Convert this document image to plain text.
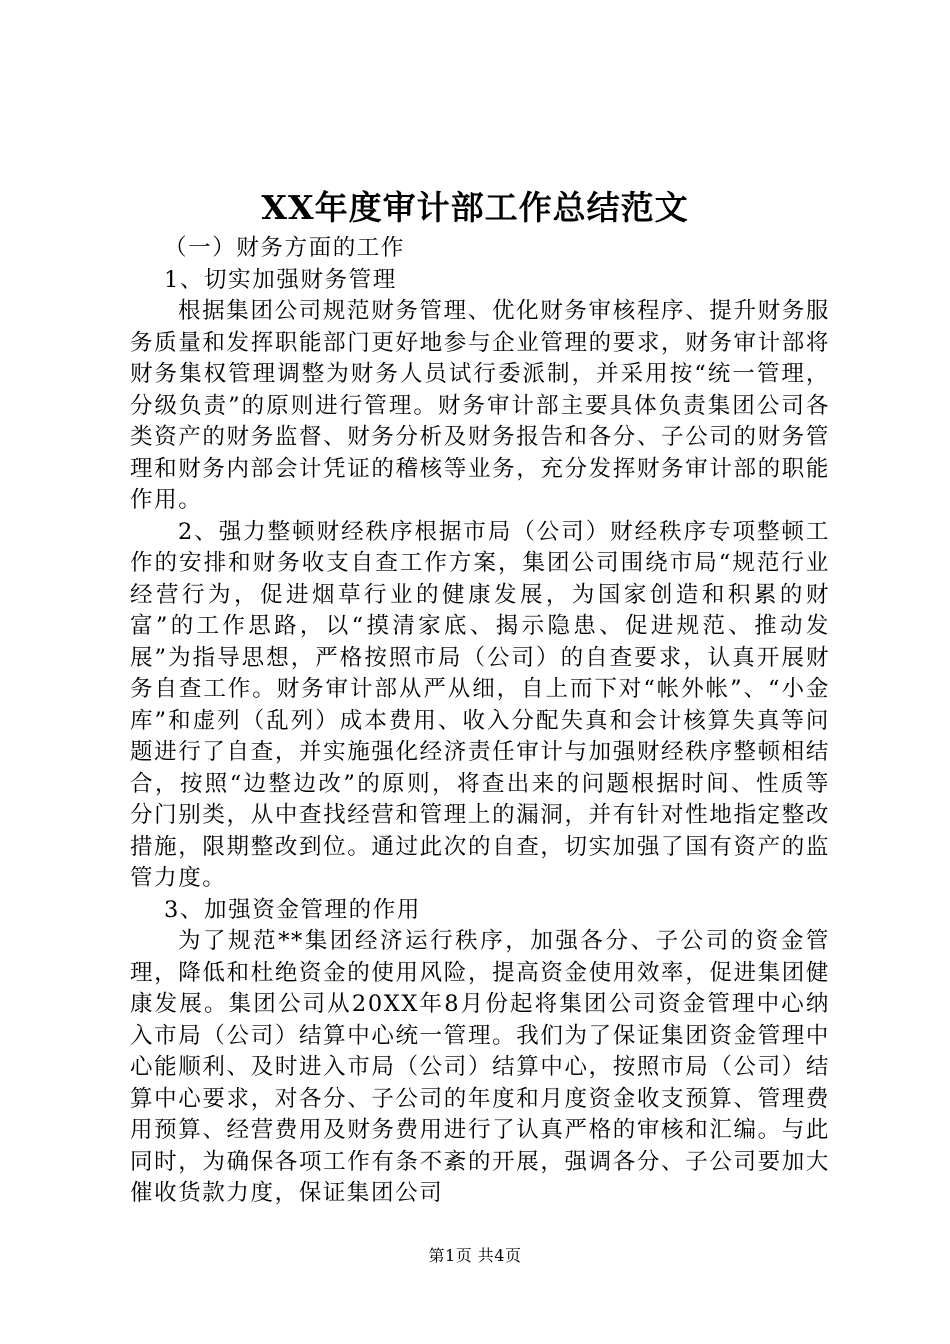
XX年度审计部工作总结范文

（一）财务方面的工作

1、切实加强财务管理

根据集团公司规范财务管理、优化财务审核程序、提升财务服务质量和发挥职能部门更好地参与企业管理的要求，财务审计部将财务集权管理调整为财务人员试行委派制，并采用按“统一管理，分级负责”的原则进行管理。财务审计部主要具体负责集团公司各类资产的财务监督、财务分析及财务报告和各分、子公司的财务管理和财务内部会计凭证的稽核等业务，充分发挥财务审计部的职能作用。

2、强力整顿财经秩序根据市局（公司）财经秩序专项整顿工作的安排和财务收支自查工作方案，集团公司围绕市局“规范行业经营行为，促进烟草行业的健康发展，为国家创造和积累的财富”的工作思路，以“摸清家底、揭示隐患、促进规范、推动发展”为指导思想，严格按照市局（公司）的自查要求，认真开展财务自查工作。财务审计部从严从细，自上而下对“帐外帐”、“小金库”和虚列（乱列）成本费用、收入分配失真和会计核算失真等问题进行了自查，并实施强化经济责任审计与加强财经秩序整顿相结合，按照“边整边改”的原则，将查出来的问题根据时间、性质等分门别类，从中查找经营和管理上的漏洞，并有针对性地指定整改措施，限期整改到位。通过此次的自查，切实加强了国有资产的监管力度。

3、加强资金管理的作用

为了规范**集团经济运行秩序，加强各分、子公司的资金管理，降低和杜绝资金的使用风险，提高资金使用效率，促进集团健康发展。集团公司从20XX年8月份起将集团公司资金管理中心纳入市局（公司）结算中心统一管理。我们为了保证集团资金管理中心能顺利、及时进入市局（公司）结算中心，按照市局（公司）结算中心要求，对各分、子公司的年度和月度资金收支预算、管理费用预算、经营费用及财务费用进行了认真严格的审核和汇编。与此同时，为确保各项工作有条不紊的开展，强调各分、子公司要加大催收货款力度，保证集团公司

第1页 共4页
